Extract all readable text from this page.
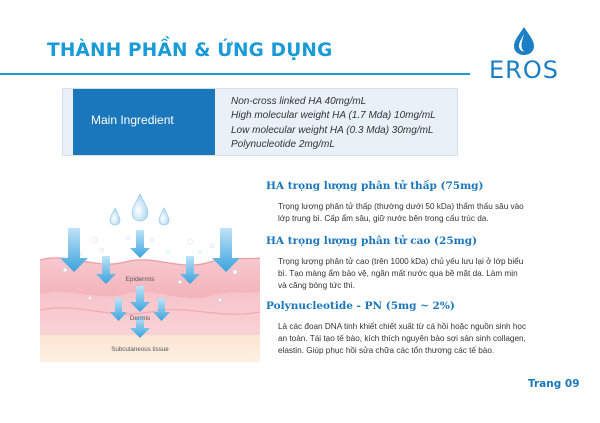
THÀNH PHẦN & ỨNG DỤNG
EROS
Main Ingredient
Non-cross linked HA 40mg/mL
High molecular weight HA (1.7 Mda) 10mg/mL
Low molecular weight HA (0.3 Mda) 30mg/mL
Polynucleotide 2mg/mL
Epidermis
Dermis
Subcutaneous tissue
HA trọng lượng phân tử thấp (75mg)
Trọng lượng phân tử thấp (thường dưới 50 kDa) thẩm thấu sâu vào
lớp trung bì. Cấp ẩm sâu, giữ nước bên trong cấu trúc da.
HA trọng lượng phân tử cao (25mg)
Trọng lượng phân tử cao (trên 1000 kDa) chủ yếu lưu lại ở lớp biểu
bì. Tạo màng ẩm bảo vệ, ngăn mất nước qua bề mặt da. Làm mịn
và căng bóng tức thì.
Polynucleotide - PN (5mg ~ 2%)
Là các đoạn DNA tinh khiết chiết xuất từ cá hồi hoặc nguồn sinh học
an toàn. Tái tạo tế bào, kích thích nguyên bào sợi sản sinh collagen,
elastin. Giúp phục hồi sửa chữa các tổn thương các tế bào.
Trang 09
